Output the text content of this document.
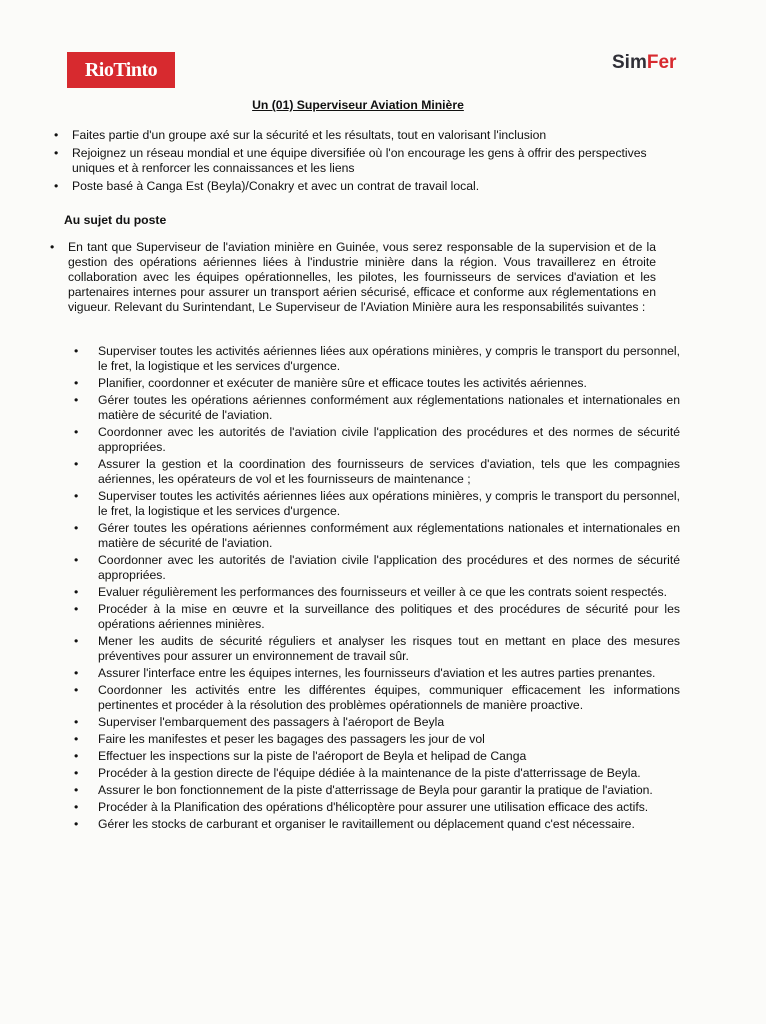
RioTinto	SimFer
Un (01) Superviseur Aviation Minière
• Faites partie d'un groupe axé sur la sécurité et les résultats, tout en valorisant l'inclusion
• Rejoignez un réseau mondial et une équipe diversifiée où l'on encourage les gens à offrir des perspectives uniques et à renforcer les connaissances et les liens
• Poste basé à Canga Est (Beyla)/Conakry et avec un contrat de travail local.
Au sujet du poste
• En tant que Superviseur de l'aviation minière en Guinée, vous serez responsable de la supervision et de la gestion des opérations aériennes liées à l'industrie minière dans la région. Vous travaillerez en étroite collaboration avec les équipes opérationnelles, les pilotes, les fournisseurs de services d'aviation et les partenaires internes pour assurer un transport aérien sécurisé, efficace et conforme aux réglementations en vigueur. Relevant du Surintendant, Le Superviseur de l'Aviation Minière aura les responsabilités suivantes :
• Superviser toutes les activités aériennes liées aux opérations minières, y compris le transport du personnel, le fret, la logistique et les services d'urgence.
• Planifier, coordonner et exécuter de manière sûre et efficace toutes les activités aériennes.
• Gérer toutes les opérations aériennes conformément aux réglementations nationales et internationales en matière de sécurité de l'aviation.
• Coordonner avec les autorités de l'aviation civile l'application des procédures et des normes de sécurité appropriées.
• Assurer la gestion et la coordination des fournisseurs de services d'aviation, tels que les compagnies aériennes, les opérateurs de vol et les fournisseurs de maintenance ;
• Superviser toutes les activités aériennes liées aux opérations minières, y compris le transport du personnel, le fret, la logistique et les services d'urgence.
• Gérer toutes les opérations aériennes conformément aux réglementations nationales et internationales en matière de sécurité de l'aviation.
• Coordonner avec les autorités de l'aviation civile l'application des procédures et des normes de sécurité appropriées.
• Evaluer régulièrement les performances des fournisseurs et veiller à ce que les contrats soient respectés.
• Procéder à la mise en œuvre et la surveillance des politiques et des procédures de sécurité pour les opérations aériennes minières.
• Mener les audits de sécurité réguliers et analyser les risques tout en mettant en place des mesures préventives pour assurer un environnement de travail sûr.
• Assurer l'interface entre les équipes internes, les fournisseurs d'aviation et les autres parties prenantes.
• Coordonner les activités entre les différentes équipes, communiquer efficacement les informations pertinentes et procéder à la résolution des problèmes opérationnels de manière proactive.
• Superviser l'embarquement des passagers à l'aéroport de Beyla
• Faire les manifestes et peser les bagages des passagers les jour de vol
• Effectuer les inspections sur la piste de l'aéroport de Beyla et helipad de Canga
• Procéder à la gestion directe de l'équipe dédiée à la maintenance de la piste d'atterrissage de Beyla.
• Assurer le bon fonctionnement de la piste d'atterrissage de Beyla pour garantir la pratique de l'aviation.
• Procéder à la Planification des opérations d'hélicoptère pour assurer une utilisation efficace des actifs.
• Gérer les stocks de carburant et organiser le ravitaillement ou déplacement quand c'est nécessaire.
